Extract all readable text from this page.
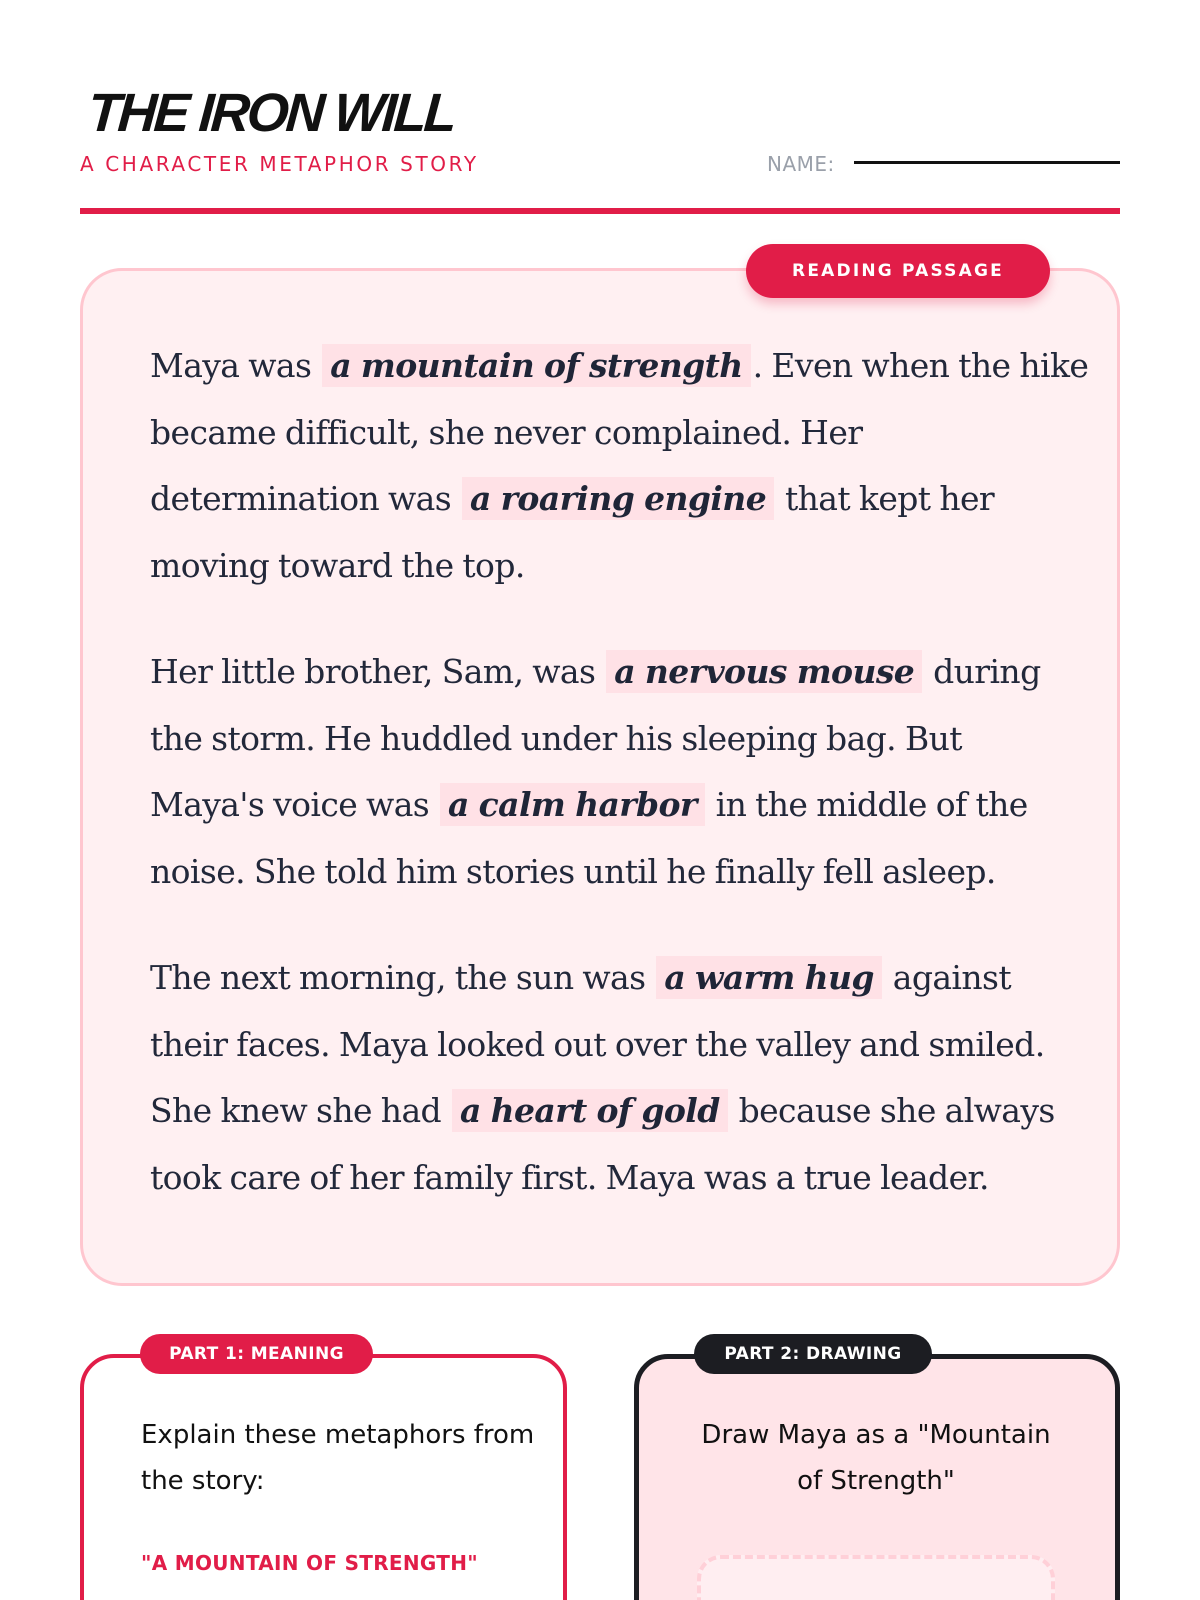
THE IRON WILL
A CHARACTER METAPHOR STORY	NAME:

Maya was a mountain of strength . Even when the hike
became difficult, she never complained. Her
determination was a roaring engine that kept her
moving toward the top.

Her little brother, Sam, was a nervous mouse during
the storm. He huddled under his sleeping bag. But
Maya's voice was a calm harbor in the middle of the
noise. She told him stories until he finally fell asleep.

The next morning, the sun was a warm hug against
their faces. Maya looked out over the valley and smiled.
She knew she had a heart of gold because she always
took care of her family first. Maya was a true leader.

READING PASSAGE
PART 1: MEANING
Explain these metaphors from the story:
"A MOUNTAIN OF STRENGTH"
PART 2: DRAWING
Draw Maya as a "Mountain of Strength"
